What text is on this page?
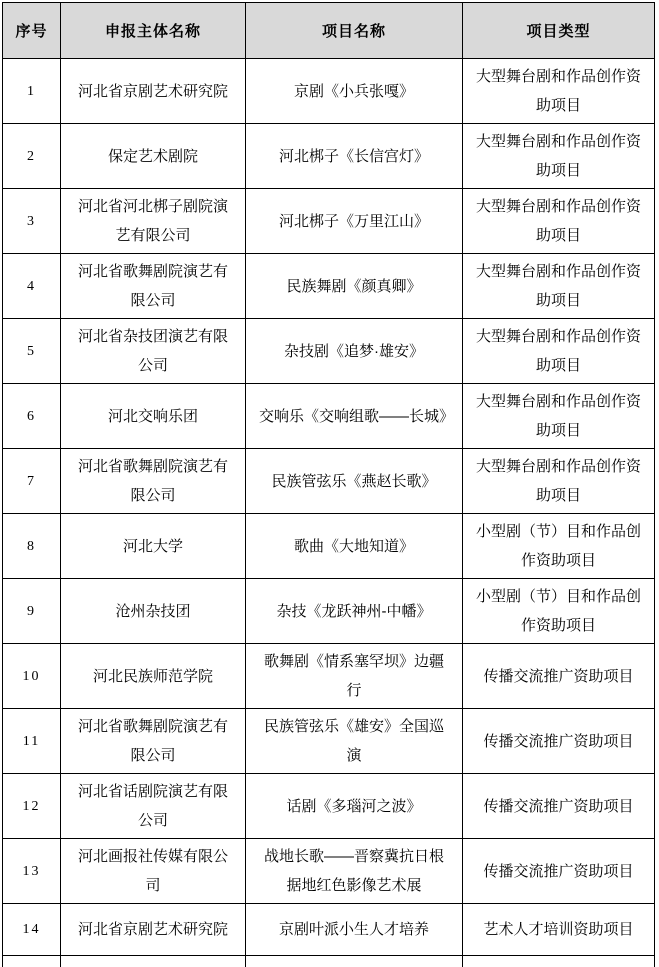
序号	申报主体名称	项目名称	项目类型
1	河北省京剧艺术研究院	京剧《小兵张嘎》	大型舞台剧和作品创作资助项目
2	保定艺术剧院	河北梆子《长信宫灯》	大型舞台剧和作品创作资助项目
3	河北省河北梆子剧院演艺有限公司	河北梆子《万里江山》	大型舞台剧和作品创作资助项目
4	河北省歌舞剧院演艺有限公司	民族舞剧《颜真卿》	大型舞台剧和作品创作资助项目
5	河北省杂技团演艺有限公司	杂技剧《追梦·雄安》	大型舞台剧和作品创作资助项目
6	河北交响乐团	交响乐《交响组歌——长城》	大型舞台剧和作品创作资助项目
7	河北省歌舞剧院演艺有限公司	民族管弦乐《燕赵长歌》	大型舞台剧和作品创作资助项目
8	河北大学	歌曲《大地知道》	小型剧（节）目和作品创作资助项目
9	沧州杂技团	杂技《龙跃神州-中幡》	小型剧（节）目和作品创作资助项目
10	河北民族师范学院	歌舞剧《情系塞罕坝》边疆行	传播交流推广资助项目
11	河北省歌舞剧院演艺有限公司	民族管弦乐《雄安》全国巡演	传播交流推广资助项目
12	河北省话剧院演艺有限公司	话剧《多瑙河之波》	传播交流推广资助项目
13	河北画报社传媒有限公司	战地长歌——晋察冀抗日根据地红色影像艺术展	传播交流推广资助项目
14	河北省京剧艺术研究院	京剧叶派小生人才培养	艺术人才培训资助项目
